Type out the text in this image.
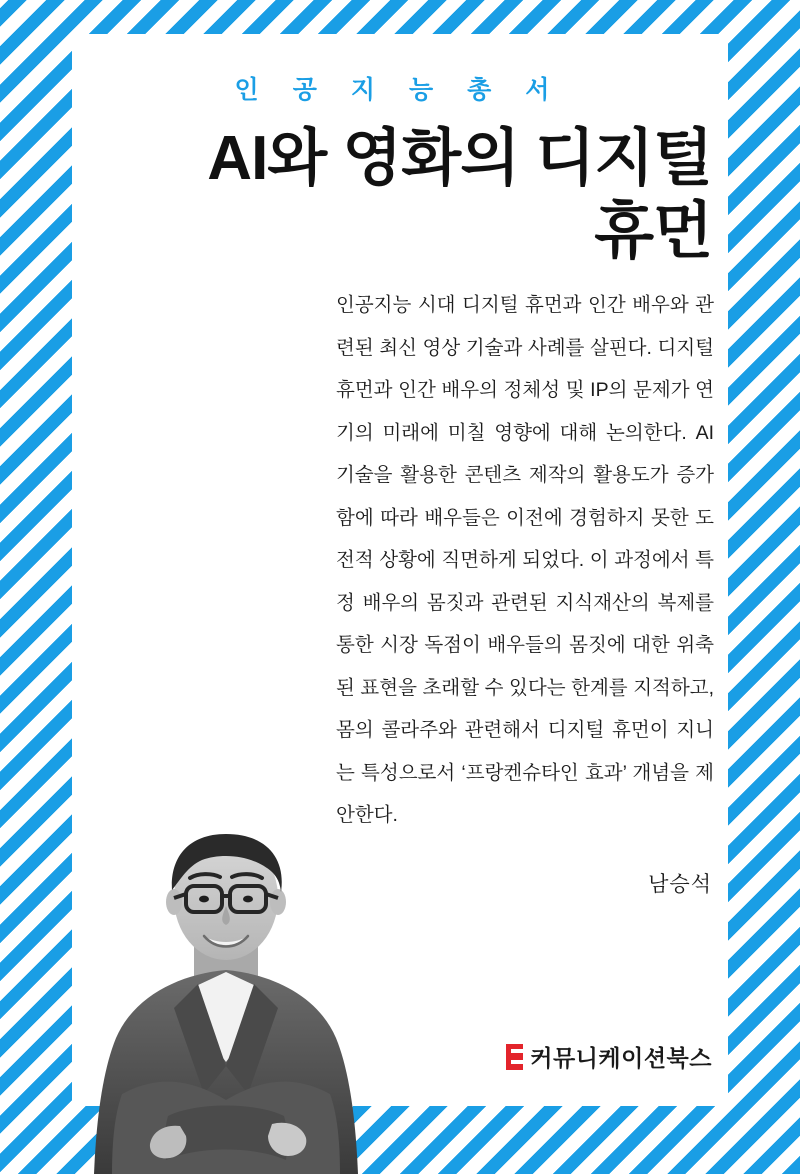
인공지능총서
AI와 영화의 디지털
휴먼
인공지능 시대 디지털 휴먼과 인간 배우와 관련된 최신 영상 기술과 사례를 살핀다. 디지털 휴먼과 인간 배우의 정체성 및 IP의 문제가 연기의 미래에 미칠 영향에 대해 논의한다. AI 기술을 활용한 콘텐츠 제작의 활용도가 증가함에 따라 배우들은 이전에 경험하지 못한 도전적 상황에 직면하게 되었다. 이 과정에서 특정 배우의 몸짓과 관련된 지식재산의 복제를 통한 시장 독점이 배우들의 몸짓에 대한 위축된 표현을 초래할 수 있다는 한계를 지적하고, 몸의 콜라주와 관련해서 디지털 휴먼이 지니는 특성으로서 ‘프랑켄슈타인 효과’ 개념을 제안한다.
남승석
커뮤니케이션북스
